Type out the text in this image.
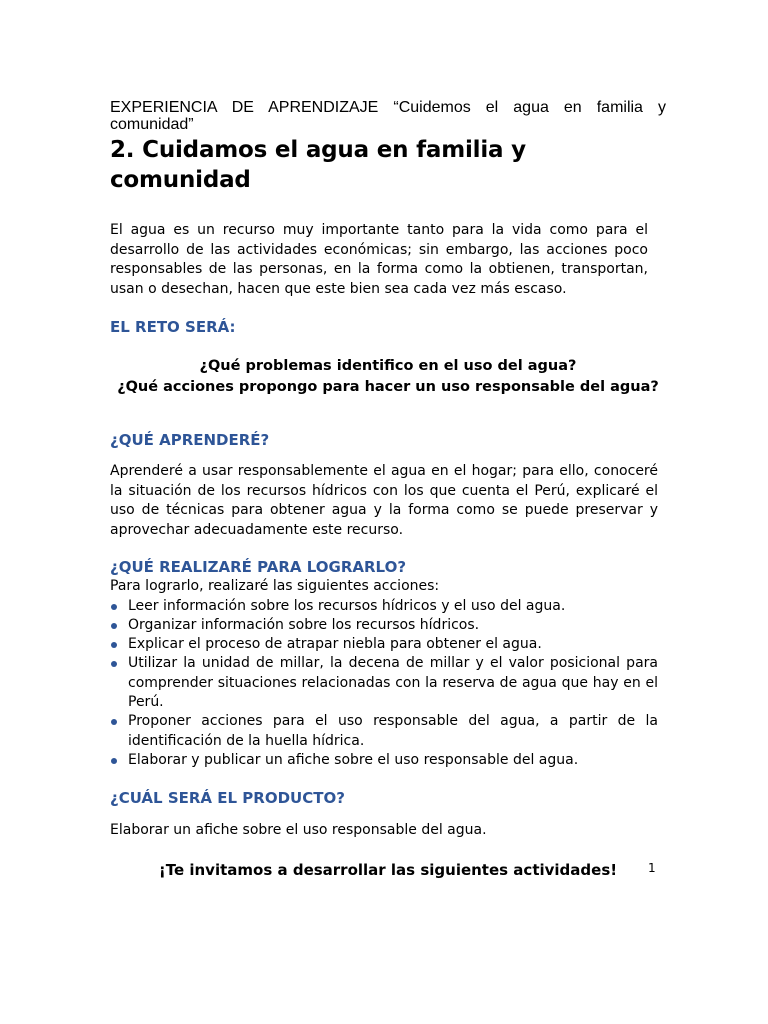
EXPERIENCIA DE APRENDIZAJE “Cuidemos el agua en familia y

comunidad”

2. Cuidamos el agua en familia y comunidad

El agua es un recurso muy importante tanto para la vida como para el desarrollo de las actividades económicas; sin embargo, las acciones poco responsables de las personas, en la forma como la obtienen, transportan, usan o desechan, hacen que este bien sea cada vez más escaso.

EL RETO SERÁ:
¿Qué problemas identifico en el uso del agua?
¿Qué acciones propongo para hacer un uso responsable del agua?
¿QUÉ APRENDERÉ?

Aprenderé a usar responsablemente el agua en el hogar; para ello, conoceré la situación de los recursos hídricos con los que cuenta el Perú, explicaré el uso de técnicas para obtener agua y la forma como se puede preservar y aprovechar adecuadamente este recurso.

¿QUÉ REALIZARÉ PARA LOGRARLO?

Para lograrlo, realizaré las siguientes acciones:

Leer información sobre los recursos hídricos y el uso del agua.
Organizar información sobre los recursos hídricos.
Explicar el proceso de atrapar niebla para obtener el agua.
Utilizar la unidad de millar, la decena de millar y el valor posicional para comprender situaciones relacionadas con la reserva de agua que hay en el Perú.
Proponer acciones para el uso responsable del agua, a partir de la identificación de la huella hídrica.
Elaborar y publicar un afiche sobre el uso responsable del agua.
¿CUÁL SERÁ EL PRODUCTO?

Elaborar un afiche sobre el uso responsable del agua.

¡Te invitamos a desarrollar las siguientes actividades!	1
